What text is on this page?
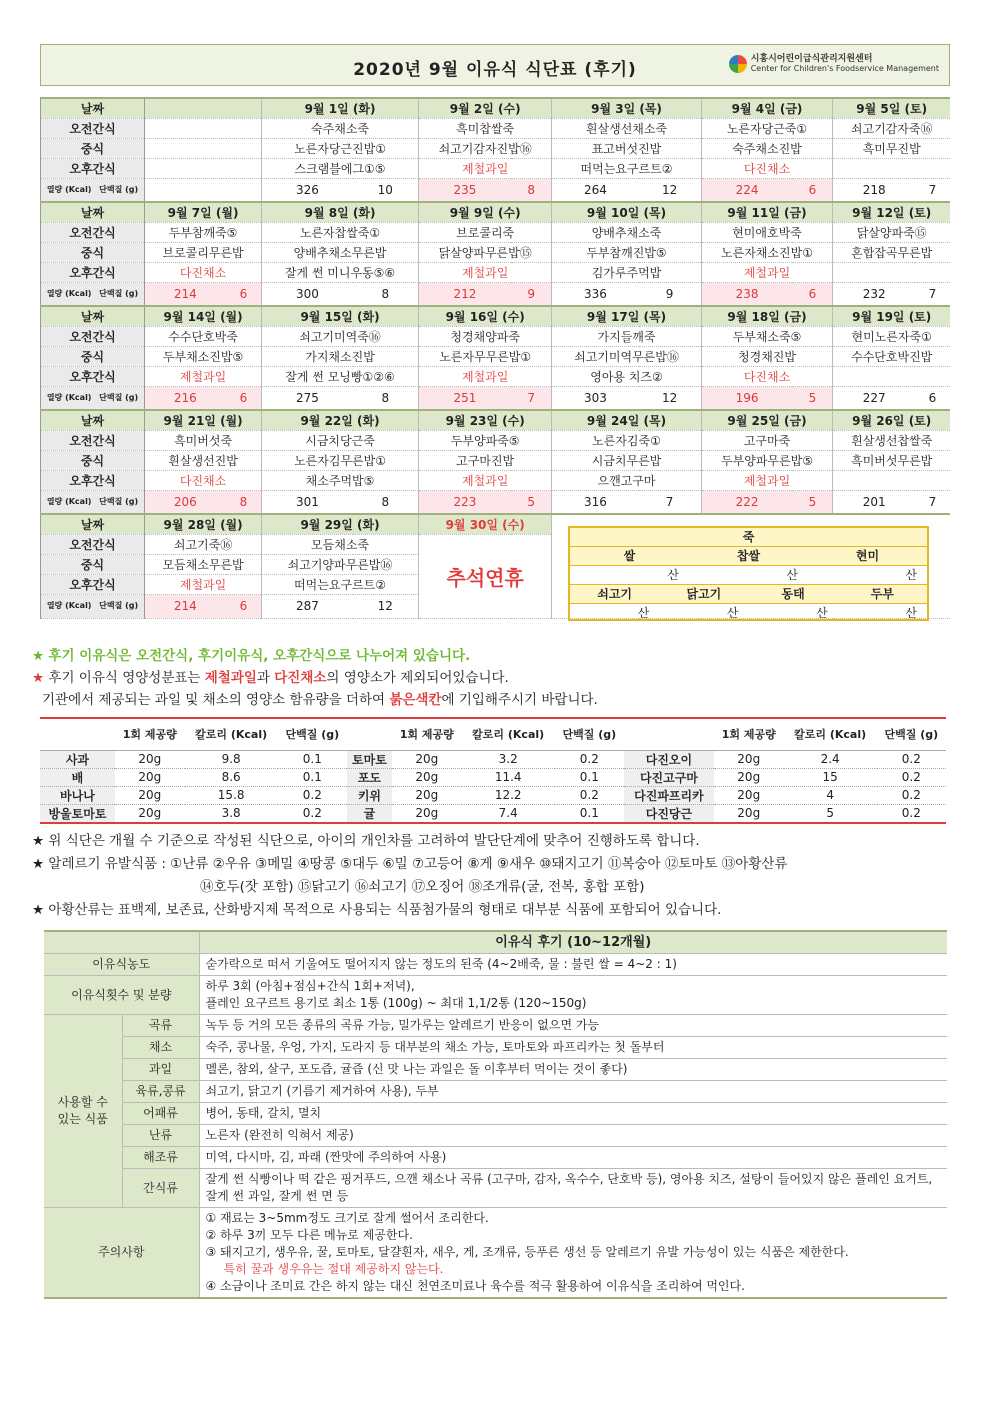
2020년 9월 이유식 식단표 (후기)
시흥시어린이급식관리지원센터
Center for Children's Foodservice Management
날짜			9월 1일 (화)		9월 2일 (수)		9월 3일 (목)		9월 4일 (금)		9월 5일 (토)	
오전간식			숙주채소죽		흑미찹쌀죽		흰살생선채소죽		노른자당근죽①		쇠고기감자죽⑯	
중식			노른자당근진밥①		쇠고기감자진밥⑯		표고버섯진밥		숙주채소진밥		흑미무진밥	
오후간식			스크램블에그①⑤		제철과일		떠먹는요구르트②		다진채소			

열량 (Kcal) 단백질 (g)			326	10	235	8	264	12	224	6	218	7
날짜	9월 7일 (월)		9월 8일 (화)		9월 9일 (수)		9월 10일 (목)		9월 11일 (금)		9월 12일 (토)	
오전간식	두부참깨죽⑤		노른자찹쌀죽①		브로콜리죽		양배추채소죽		현미애호박죽		닭살양파죽⑮	
중식	브로콜리무른밥		양배추채소무른밥		닭살양파무른밥⑮		두부참깨진밥⑤		노른자채소진밥①		혼합잡곡무른밥	
오후간식	다진채소		잘게 썬 미니우동⑤⑥		제철과일		김가루주먹밥		제철과일			

열량 (Kcal) 단백질 (g)	214	6	300	8	212	9	336	9	238	6	232	7
날짜	9월 14일 (월)		9월 15일 (화)		9월 16일 (수)		9월 17일 (목)		9월 18일 (금)		9월 19일 (토)	
오전간식	수수단호박죽		쇠고기미역죽⑯		청경채양파죽		가지들깨죽		두부채소죽⑤		현미노른자죽①	
중식	두부채소진밥⑤		가지채소진밥		노른자무무른밥①		쇠고기미역무른밥⑯		청경채진밥		수수단호박진밥	
오후간식	제철과일		잘게 썬 모닝빵①②⑥		제철과일		영아용 치즈②		다진채소			

열량 (Kcal) 단백질 (g)	216	6	275	8	251	7	303	12	196	5	227	6
날짜	9월 21일 (월)		9월 22일 (화)		9월 23일 (수)		9월 24일 (목)		9월 25일 (금)		9월 26일 (토)	
오전간식	흑미버섯죽		시금치당근죽		두부양파죽⑤		노른자김죽①		고구마죽		흰살생선찹쌀죽	
중식	흰살생선진밥		노른자김무른밥①		고구마진밥		시금치무른밥		두부양파무른밥⑤		흑미버섯무른밥	
오후간식	다진채소		채소주먹밥⑤		제철과일		으깬고구마		제철과일			

열량 (Kcal) 단백질 (g)	206	8	301	8	223	5	316	7	222	5	201	7
날짜	9월 28일 (월)		9월 29일 (화)		9월 30일 (수)							
오전간식	쇠고기죽⑯		모듬채소죽		추석연휴							
중식	모듬채소무른밥		쇠고기양파무른밥⑯									
오후간식	제철과일		떠먹는요구르트②									

열량 (Kcal) 단백질 (g)	214	6	287	12								
죽
쌀	찹쌀	현미
산	산	산
쇠고기	닭고기	동태	두부
산	산	산	산
★ 후기 이유식은 오전간식, 후기이유식, 오후간식으로 나누어져 있습니다.
★ 후기 이유식 영양성분표는 제철과일과 다진채소의 영양소가 제외되어있습니다.
기관에서 제공되는 과일 및 채소의 영양소 함유량을 더하여 붉은색칸에 기입해주시기 바랍니다.
	1회 제공량	칼로리 (Kcal)	단백질 (g)		1회 제공량	칼로리 (Kcal)	단백질 (g)		1회 제공량	칼로리 (Kcal)	단백질 (g)
사과	20g	9.8	0.1	토마토	20g	3.2	0.2	다진오이	20g	2.4	0.2
배	20g	8.6	0.1	포도	20g	11.4	0.1	다진고구마	20g	15	0.2
바나나	20g	15.8	0.2	키위	20g	12.2	0.2	다진파프리카	20g	4	0.2
방울토마토	20g	3.8	0.2	귤	20g	7.4	0.1	다진당근	20g	5	0.2
★ 위 식단은 개월 수 기준으로 작성된 식단으로, 아이의 개인차를 고려하여 발단단계에 맞추어 진행하도록 합니다.
★ 알레르기 유발식품 : ①난류 ②우유 ③메밀 ④땅콩 ⑤대두 ⑥밀 ⑦고등어 ⑧게 ⑨새우 ⑩돼지고기 ⑪복숭아 ⑫토마토 ⑬아황산류
⑭호두(잣 포함) ⑮닭고기 ⑯쇠고기 ⑰오징어 ⑱조개류(굴, 전복, 홍합 포함)
★ 아황산류는 표백제, 보존료, 산화방지제 목적으로 사용되는 식품첨가물의 형태로 대부분 식품에 포함되어 있습니다.
		이유식 후기 (10~12개월)
이유식농도		숟가락으로 떠서 기울여도 떨어지지 않는 정도의 된죽 (4~2배죽, 물 : 불린 쌀 = 4~2 : 1)

이유식횟수 및 분량		하루 3회 (아침+점심+간식 1회+저녁),
플레인 요구르트 용기로 최소 1통 (100g) ~ 최대 1,1/2통 (120~150g)

사용할 수 있는 식품	곡류	녹두 등 거의 모든 종류의 곡류 가능, 밀가루는 알레르기 반응이 없으면 가능
	채소	숙주, 콩나물, 우엉, 가지, 도라지 등 대부분의 채소 가능, 토마토와 파프리카는 첫 돌부터
	과일	멜론, 참외, 살구, 포도즙, 귤즙 (신 맛 나는 과일은 돌 이후부터 먹이는 것이 좋다)
	육류,콩류	쇠고기, 닭고기 (기름기 제거하여 사용), 두부
	어패류	병어, 동태, 갈치, 멸치
	난류	노른자 (완전히 익혀서 제공)
	해조류	미역, 다시마, 김, 파래 (짠맛에 주의하여 사용)
	간식류	잘게 썬 식빵이나 떡 같은 핑거푸드, 으깬 채소나 곡류 (고구마, 감자, 옥수수, 단호박 등), 영아용 치즈, 설탕이 들어있지 않은 플레인 요거트, 잘게 썬 과일, 잘게 썬 면 등
주의사항		① 재료는 3~5mm정도 크기로 잘게 썰어서 조리한다.
② 하루 3끼 모두 다른 메뉴로 제공한다.
③ 돼지고기, 생우유, 꿀, 토마토, 달걀흰자, 새우, 게, 조개류, 등푸른 생선 등 알레르기 유발 가능성이 있는 식품은 제한한다.
특히 꿀과 생우유는 절대 제공하지 않는다.
④ 소금이나 조미료 간은 하지 않는 대신 천연조미료나 육수를 적극 활용하여 이유식을 조리하여 먹인다.
